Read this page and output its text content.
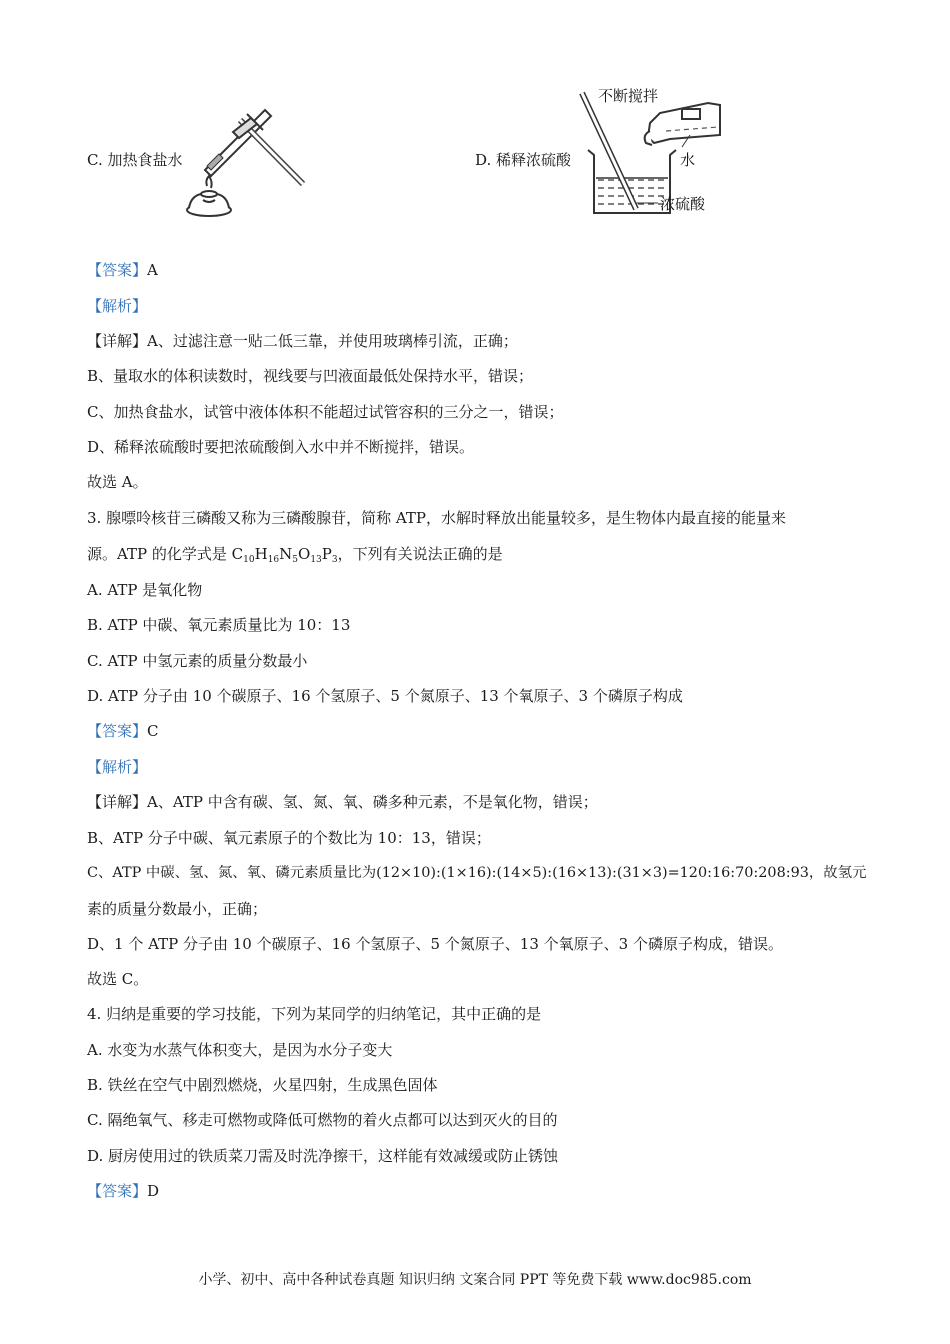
C. 加热食盐水	D. 稀释浓硫酸
不断搅拌
水
浓硫酸
【答案】A
【解析】
【详解】A、过滤注意一贴二低三靠，并使用玻璃棒引流，正确；
B、量取水的体积读数时，视线要与凹液面最低处保持水平，错误；
C、加热食盐水，试管中液体体积不能超过试管容积的三分之一，错误；
D、稀释浓硫酸时要把浓硫酸倒入水中并不断搅拌，错误。
故选 A。
3. 腺嘌呤核苷三磷酸又称为三磷酸腺苷，简称 ATP，水解时释放出能量较多，是生物体内最直接的能量来
源。ATP 的化学式是 $C_{10}H_{16}N_5O_{13}P_3$，下列有关说法正确的是
A. ATP 是氧化物
B. ATP 中碳、氧元素质量比为 10：13
C. ATP 中氢元素的质量分数最小
D. ATP 分子由 10 个碳原子、16 个氢原子、5 个氮原子、13 个氧原子、3 个磷原子构成
【答案】C
【解析】
【详解】A、ATP 中含有碳、氢、氮、氧、磷多种元素，不是氧化物，错误；
B、ATP 分子中碳、氧元素原子的个数比为 10：13，错误；
C、ATP 中碳、氢、氮、氧、磷元素质量比为(12×10):(1×16):(14×5):(16×13):(31×3)=120:16:70:208:93，故氢元
素的质量分数最小，正确；
D、1 个 ATP 分子由 10 个碳原子、16 个氢原子、5 个氮原子、13 个氧原子、3 个磷原子构成，错误。
故选 C。
4. 归纳是重要的学习技能，下列为某同学的归纳笔记，其中正确的是
A. 水变为水蒸气体积变大，是因为水分子变大
B. 铁丝在空气中剧烈燃烧，火星四射，生成黑色固体
C. 隔绝氧气、移走可燃物或降低可燃物的着火点都可以达到灭火的目的
D. 厨房使用过的铁质菜刀需及时洗净擦干，这样能有效减缓或防止锈蚀
【答案】D
小学、初中、高中各种试卷真题 知识归纳 文案合同 PPT 等免费下载 www.doc985.com
